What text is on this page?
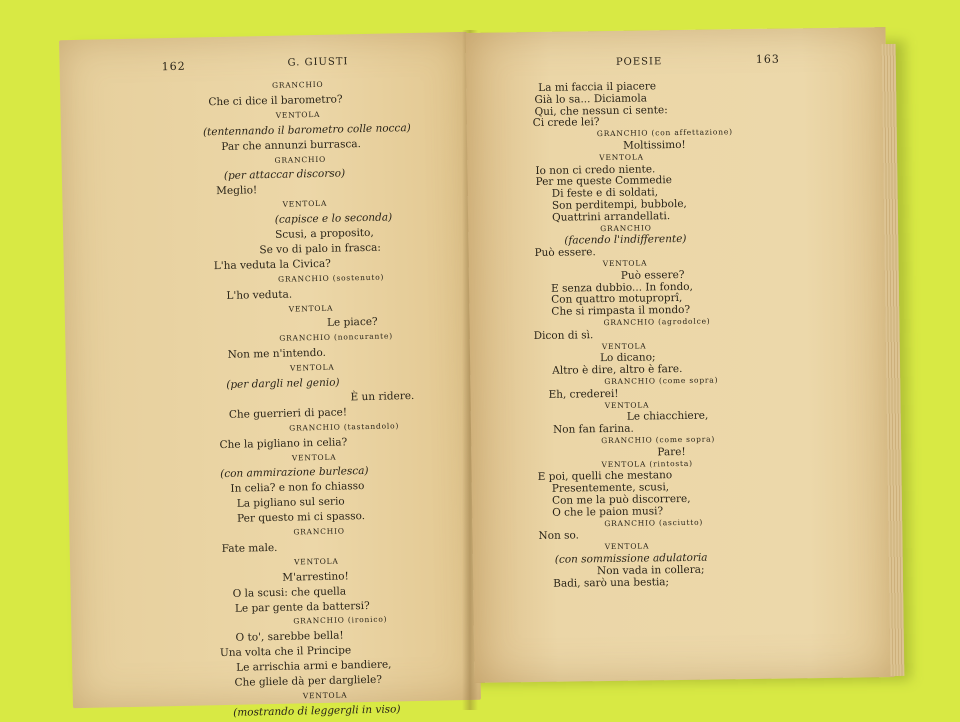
162	G. GIUSTI
GRANCHIO
Che ci dice il barometro?
VENTOLA
(tentennando il barometro colle nocca)
Par che annunzi burrasca.
GRANCHIO
(per attaccar discorso)
Meglio!
VENTOLA
(capisce e lo seconda)
Scusi, a proposito,
Se vo di palo in frasca:
L'ha veduta la Civica?
GRANCHIO (sostenuto)
L'ho veduta.
VENTOLA
Le piace?
GRANCHIO (noncurante)
Non me n'intendo.
VENTOLA
(per dargli nel genio)
È un ridere.
Che guerrieri di pace!
GRANCHIO (tastandolo)
Che la pigliano in celia?
VENTOLA
(con ammirazione burlesca)
In celia? e non fo chiasso
La pigliano sul serio
Per questo mi ci spasso.
GRANCHIO
Fate male.
VENTOLA
M'arrestino!
O la scusi: che quella
Le par gente da battersi?
GRANCHIO (ironico)
O to', sarebbe bella!
Una volta che il Principe
Le arrischia armi e bandiere,
Che gliele dà per dargliele?
VENTOLA
(mostrando di leggergli in viso)
POESIE	163
La mi faccia il piacere
Già lo sa... Diciamola
Qui, che nessun ci sente:
Ci crede lei?
GRANCHIO (con affettazione)
Moltissimo!
VENTOLA
Io non ci credo niente.
Per me queste Commedie
Di feste e di soldati,
Son perditempi, bubbole,
Quattrini arrandellati.
GRANCHIO
(facendo l'indifferente)
Può essere.
VENTOLA
Può essere?
E senza dubbio... In fondo,
Con quattro motuproprî,
Che si rimpasta il mondo?
GRANCHIO (agrodolce)
Dicon di sì.
VENTOLA
Lo dicano;
Altro è dire, altro è fare.
GRANCHIO (come sopra)
Eh, crederei!
VENTOLA
Le chiacchiere,
Non fan farina.
GRANCHIO (come sopra)
Pare!
VENTOLA (rintosta)
E poi, quelli che mestano
Presentemente, scusi,
Con me la può discorrere,
O che le paion musi?
GRANCHIO (asciutto)
Non so.
VENTOLA
(con sommissione adulatoria
Non vada in collera;
Badi, sarò una bestia;
